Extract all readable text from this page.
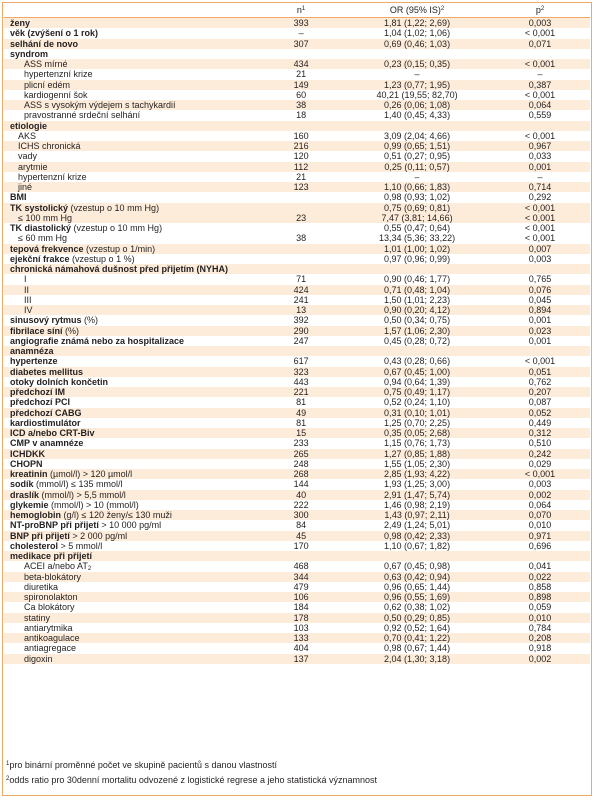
	$n^1$	OR (95% IS)$^2$	$p^2$
ženy	393	1,81 (1,22; 2,69)	0,003
věk (zvýšení o 1 rok)	–	1,04 (1,02; 1,06)	< 0,001
selhání de novo	307	0,69 (0,46; 1,03)	0,071
syndrom			
ASS mírné	434	0,23 (0,15; 0,35)	< 0,001
hypertenzní krize	21	–	–
plicní edém	149	1,23 (0,77; 1,95)	0,387
kardiogenní šok	60	40,21 (19,55; 82,70)	< 0,001
ASS s vysokým výdejem s tachykardií	38	0,26 (0,06; 1,08)	0,064
pravostranné srdeční selhání	18	1,40 (0,45; 4,33)	0,559
etiologie			
AKS	160	3,09 (2,04; 4,66)	< 0,001
ICHS chronická	216	0,99 (0,65; 1,51)	0,967
vady	120	0,51 (0,27; 0,95)	0,033
arytmie	112	0,25 (0,11; 0,57)	0,001
hypertenzní krize	21	–	–
jiné	123	1,10 (0,66; 1,83)	0,714
BMI		0,98 (0,93; 1,02)	0,292
TK systolický (vzestup o 10 mm Hg)		0,75 (0,69; 0,81)	< 0,001
≤ 100 mm Hg	23	7,47 (3,81; 14,66)	< 0,001
TK diastolický (vzestup o 10 mm Hg)		0,55 (0,47; 0,64)	< 0,001
≤ 60 mm Hg	38	13,34 (5,36; 33,22)	< 0,001
tepová frekvence (vzestup o 1/min)		1,01 (1,00; 1,02)	0,007
ejekční frakce (vzestup o 1 %)		0,97 (0,96; 0,99)	0,003
chronická námahová dušnost před přijetím (NYHA)			
I	71	0,90 (0,46; 1,77)	0,765
II	424	0,71 (0,48; 1,04)	0,076
III	241	1,50 (1,01; 2,23)	0,045
IV	13	0,90 (0,20; 4,12)	0,894
sinusový rytmus (%)	392	0,50 (0,34; 0,75)	0,001
fibrilace síní (%)	290	1,57 (1,06; 2,30)	0,023
angiografie známá nebo za hospitalizace	247	0,45 (0,28; 0,72)	0,001
anamnéza			
hypertenze	617	0,43 (0,28; 0,66)	< 0,001
diabetes mellitus	323	0,67 (0,45; 1,00)	0,051
otoky dolních končetin	443	0,94 (0,64; 1,39)	0,762
předchozí IM	221	0,75 (0,49; 1,17)	0,207
předchozí PCI	81	0,52 (0,24; 1,10)	0,087
předchozí CABG	49	0,31 (0,10; 1,01)	0,052
kardiostimulátor	81	1,25 (0,70; 2,25)	0,449
ICD a/nebo CRT-Biv	15	0,35 (0,05; 2,68)	0,312
CMP v anamnéze	233	1,15 (0,76; 1,73)	0,510
ICHDKK	265	1,27 (0,85; 1,88)	0,242
CHOPN	248	1,55 (1,05; 2,30)	0,029
kreatinin (µmol/l) > 120 µmol/l	268	2,85 (1,93; 4,22)	< 0,001
sodík (mmol/l) ≤ 135 mmol/l	144	1,93 (1,25; 3,00)	0,003
draslík (mmol/l) > 5,5 mmol/l	40	2,91 (1,47; 5,74)	0,002
glykemie (mmol/l) > 10 (mmol/l)	222	1,46 (0,98; 2,19)	0,064
hemoglobin (g/l) ≤ 120 ženy/≤ 130 muži	300	1,43 (0,97; 2,11)	0,070
NT-proBNP při přijetí > 10 000 pg/ml	84	2,49 (1,24; 5,01)	0,010
BNP při přijetí > 2 000 pg/ml	45	0,98 (0,42; 2,33)	0,971
cholesterol > 5 mmol/l	170	1,10 (0,67; 1,82)	0,696
medikace při přijetí			
ACEI a/nebo $AT_2$	468	0,67 (0,45; 0,98)	0,041
beta-blokátory	344	0,63 (0,42; 0,94)	0,022
diuretika	479	0,96 (0,65; 1,44)	0,858
spironolakton	106	0,96 (0,55; 1,69)	0,898
Ca blokátory	184	0,62 (0,38; 1,02)	0,059
statiny	178	0,50 (0,29; 0,85)	0,010
antiarytmika	103	0,92 (0,52; 1,64)	0,784
antikoagulace	133	0,70 (0,41; 1,22)	0,208
antiagregace	404	0,98 (0,67; 1,44)	0,918
digoxin	137	2,04 (1,30; 3,18)	0,002
$^1$pro binární proměnné počet ve skupině pacientů s danou vlastností
$^2$odds ratio pro 30denní mortalitu odvozené z logistické regrese a jeho statistická významnost
